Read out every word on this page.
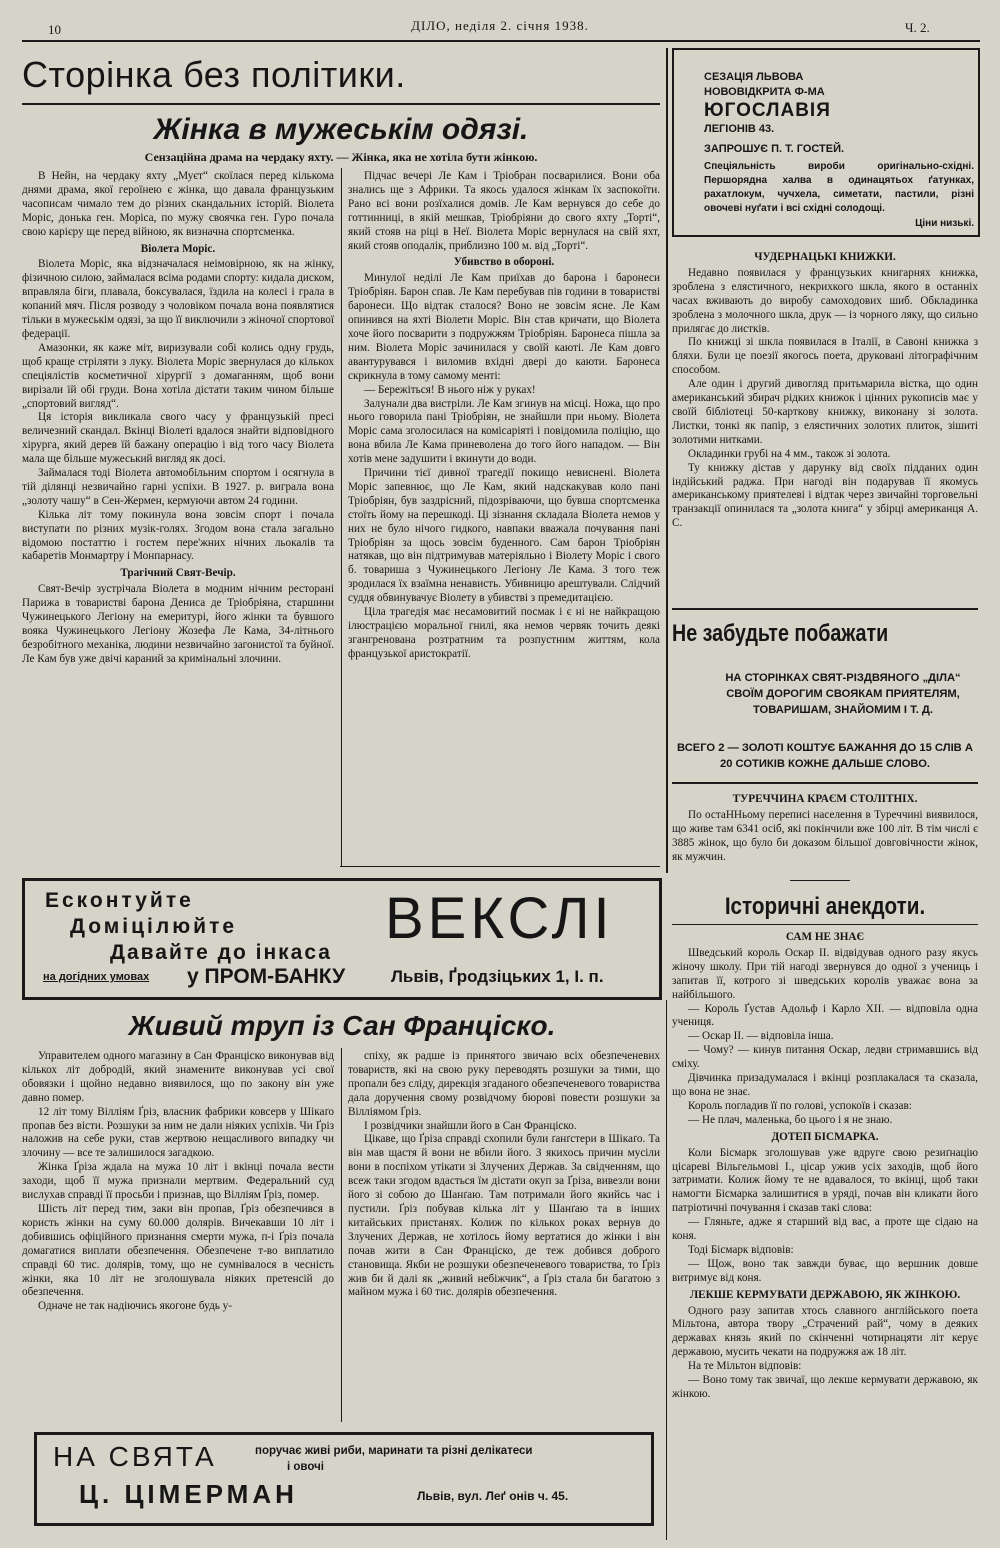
10	ДІЛО, неділя 2. січня 1938.	Ч. 2.
Сторінка без політики.
Жінка в мужеськім одязі.
Сензаційна драма на чердаку яхту. — Жінка, яка не хотіла бути жінкою.

В Нейн, на чердаку яхту „Муєт“ скоїлася перед кількома днями драма, якої героїнею є жінка, що давала французьким часописам чимало тем до різних скандальних історій. Віолета Моріс, донька ген. Моріса, по мужу своячка ген. Гуро почала свою карієру ще перед війною, як визначна спортсменка.

Віолета Моріс.

Віолета Моріс, яка відзначалася неімовірною, як на жінку, фізичною силою, займалася всіма родами спорту: кидала диском, вправляла біги, плавала, боксувалася, їздила на колесі і грала в копаний мяч. Після розводу з чоловіком почала вона появлятися тільки в мужеськім одязі, за що її виключили з жіночої спортової федерації.

Амазонки, як каже міт, виризували собі колись одну грудь, щоб краще стріляти з луку. Віолета Моріс звернулася до кількох спеціялістів косметичної хірургії з домаганням, щоб вони вирізали їй обі груди. Вона хотіла дістати таким чином більше „спортовий вигляд“.

Ця історія викликала свого часу у французькій пресі величезний скандал. Вкінці Віолеті вдалося знайти відповідного хірурга, який дерев їй бажану операцію і від того часу Віолета мала ще більше мужеський вигляд як досі.

Займалася тоді Віолета автомобільним спортом і осягнула в тій ділянці незвичайно гарні успіхи. В 1927. р. виграла вона „золоту чашу“ в Сен-Жермен, кермуючи автом 24 години.

Кілька літ тому покинула вона зовсім спорт і почала виступати по різних музік-голях. Згодом вона стала загально відомою постаттю і гостем пере'жних нічних льокалів та кабаретів Монмартру і Монпарнасу.

Трагічний Свят-Вечір.

Свят-Вечір зустрічала Віолета в модним нічним ресторані Парижа в товаристві барона Дениса де Тріобріяна, старшини Чужинецького Легіону на емеритурі, його жінки та бувшого вояка Чужинецького Легіону Жозефа Ле Кама, 34-літнього безробітного механіка, людини незвичайно загонистої та буйної. Ле Кам був уже двічі караний за кримінальні злочини.

Підчас вечері Ле Кам і Тріобран посварилися. Вони оба знались ще з Африки. Та якось удалося жінкам їх заспокоїти. Рано всі вони розїхалися домів. Ле Кам вернувся до себе до готтинниці, в якій мешкав, Тріобріяни до свого яхту „Торті“, який стояв на ріці в Неї. Віолета Моріс вернулася на свій яхт, який стояв оподалік, приблизно 100 м. від „Торті“.

Убивство в обороні.

Минулої неділі Ле Кам приїхав до барона і баронеси Тріобріян. Барон спав. Ле Кам перебував пів години в товаристві баронеси. Що відтак сталося? Воно не зовсім ясне. Ле Кам опинився на яхті Віолети Моріс. Він став кричати, що Віолета хоче його посварити з подружжям Тріобріян. Баронеса пішла за ним. Віолета Моріс зачинилася у своїй каюті. Ле Кам довго авантурувався і виломив вхідні двері до каюти. Баронеса скрикнула в тому самому менті:

— Бережіться! В нього ніж у руках!

Залунали два вистріли. Ле Кам згинув на місці. Ножа, що про нього говорила пані Тріобріян, не знайшли при ньому. Віолета Моріс сама зголосилася на комісаріяті і повідомила поліцію, що вона вбила Ле Кама приневолена до того його нападом. — Він хотів мене задушити і вкинути до води.

Причини тієї дивної трагедії покищо невиснені. Віолета Моріс запевнює, що Ле Кам, який надскакував коло пані Тріобріян, був заздрісний, підозріваючи, що бувша спортсменка стоїть йому на перешкоді. Ці зізнання складала Віолета немов у них не було нічого гидкого, навпаки вважала почування пані Тріобріян за щось зовсім буденного. Сам барон Тріобріян натякав, що він підтримував матеріяльно і Віолету Моріс і свого б. товариша з Чужинецького Легіону Ле Кама. З того теж зродилася їх взаїмна ненависть. Убивницю арештували. Слідчий суддя обвинувачує Віолету в убивстві з премедитацією.

Ціла трагедія має несамовитий посмак і є ні не найкращою ілюстрацією моральної гнилі, яка немов червяк точить деякі згангренована розтратним та розпустним життям, кола французької аристократії.

СЕЗАЦІЯ ЛЬВОВА
НОВОВІДКРИТА Ф-МА
ЮГОСЛАВІЯ
ЛЕГІОНІВ 43.
ЗАПРОШУЄ П. Т. ГОСТЕЙ.
Спеціяльність вироби оригінально-східні. Першорядна халва в одинацятьох ґатунках, рахатлокум, чучхела, симетати, пастили, різні овочеві нуґати і всі східні солодощі.
Ціни низькі.

ЧУДЕРНАЦЬКІ КНИЖКИ.

Недавно появилася у французьких книгарнях книжка, зроблена з елястичного, некрихкого шкла, якого в останніх часах вживають до виробу самоходових шиб. Обкладинка зроблена з молочного шкла, друк — із чорного ляку, що сильно прилягає до листків.

По книжці зі шкла появилася в Італії, в Савоні книжка з бляхи. Були це поезії якогось поета, друковані літографічним способом.

Але один і другий дивогляд притьмарила вістка, що один американський збирач рідких книжок і цінних рукописів має у своїй бібліотеці 50-карткову книжку, виконану зі золота. Листки, тонкі як папір, з елястичних золотих плиток, зішиті золотими нитками.

Окладинки грубі на 4 мм., також зі золота.

Ту книжку дістав у дарунку від своїх підданих один індійський раджа. При нагоді він подарував її якомусь американському приятелеві і відтак через звичайні торговельні транзакції опинилася та „золота книга“ у збірці американця А. С.

Не забудьте побажати
НА СТОРІНКАХ СВЯТ-РІЗДВЯНОГО „ДІЛА“ СВОЇМ ДОРОГИМ СВОЯКАМ ПРИЯТЕЛЯМ, ТОВАРИШАМ, ЗНАЙОМИМ І Т. Д.
ВСЕГО 2 — ЗОЛОТІ КОШТУЄ БАЖАННЯ ДО 15 СЛІВ А 20 СОТИКІВ КОЖНЕ ДАЛЬШЕ СЛОВО.

ТУРЕЧЧИНА КРАЄМ СТОЛІТНІХ.

По остаННьому переписі населення в Туреччині виявилося, що живе там 6341 осіб, які покінчили вже 100 літ. В тім числі є 3885 жінок, що було би доказом більшої довговічности жінок, як мужчин.

Історичні анекдоти.

САМ НЕ ЗНАЄ

Шведський король Оскар II. відвідував одного разу якусь жіночу школу. При тій нагоді звернувся до одної з учениць і запитав її, котрого зі шведських королів уважає вона за найбільшого.

— Король Ґустав Адольф і Карло XII. — відповіла одна учениця.

— Оскар II. — відповіла інша.

— Чому? — кинув питання Оскар, ледви стримавшись від сміху.

Дівчинка призадумалася і вкінці розплакалася та сказала, що вона не знає.

Король погладив її по голові, успокоїв і сказав:

— Не плач, маленька, бо цього і я не знаю.

ДОТЕП БІСМАРКА.

Коли Бісмарк зголошував уже вдруге свою резиґнацію цісареві Вільгельмові I., цісар ужив усіх заходів, щоб його затримати. Колиж йому те не вдавалося, то вкінці, щоб таки намогти Бісмарка залишитися в уряді, почав він кликати його патріотичні почування і сказав такі слова:

— Гляньте, адже я старший від вас, а проте ще сідаю на коня.

Тоді Бісмарк відповів:

— Щож, воно так завжди буває, що вершник довше витримує від коня.

ЛЕКШЕ КЕРМУВАТИ ДЕРЖАВОЮ, ЯК ЖІНКОЮ.

Одного разу запитав хтось славного англійського поета Мільтона, автора твору „Страчений рай“, чому в деяких державах князь який по скінченні чотирнацяти літ керує державою, мусить чекати на подружжя аж 18 літ.

На те Мільтон відповів:

— Воно тому так звичаї, що лекше кермувати державою, як жінкою.

Есконтуйте
Доміцілюйте
Давайте до інкаса
ВЕКСЛІ
на догідних умовах у ПРОМ-БАНКУ	Львів, Ґродзіцьких 1, І. п.
Живий труп із Сан Франціско.

Управителем одного магазину в Сан Франціско виконував від кількох літ добродій, який знамените виконував усі свої обовязки і щойно недавно виявилося, що по закону він уже давно помер.

12 літ тому Вілліям Ґріз, власник фабрики ковсерв у Шікаґо пропав без вісти. Розшуки за ним не дали ніяких успіхів. Чи Ґріз наложив на себе руки, став жертвою нещасливого випадку чи злочину — все те залишилося загадкою.

Жінка Ґріза ждала на мужа 10 літ і вкінці почала вести заходи, щоб її мужа признали мертвим. Федеральний суд вислухав справді її просьби і признав, що Вілліям Ґріз, помер.

Шість літ перед тим, заки він пропав, Ґріз обезпечився в користь жінки на суму 60.000 долярів. Вичекавши 10 літ і добившись офіційного признання смерти мужа, п-і Ґріз почала домагатися виплати обезпечення. Обезпечене т-во виплатило справді 60 тис. долярів, тому, що не сумнівалося в чесність жінки, яка 10 літ не зголошувала ніяких претенсій до обезпечення.

Одначе не так надіючись якогоне будь у-

спіху, як радше із принятого звичаю всіх обезпеченевих товариств, які на свою руку переводять розшуки за тими, що пропали без сліду, дирекція згаданого обезпеченевого товариства дала доручення свому розвідчому бюрові повести розшуки за Вілліямом Ґріз.

І розвідчики знайшли його в Сан Франціско.

Цікаве, що Ґріза справді схопили були ґанґстери в Шікаґо. Та він мав щастя й вони не вбили його. З якихось причин мусіли вони в поспіхом утікати зі Злучених Держав. За свідченням, що всеж таки згодом вдасться їм дістати окуп за Ґріза, вивезли вони його зі собою до Шанґаю. Там потримали його якийсь час і пустили. Ґріз побував кілька літ у Шанґаю та в інших китайських пристанях. Колиж по кількох роках вернув до Злучених Держав, не хотілось йому вертатися до жінки і він почав жити в Сан Франціско, де теж добився доброго становища. Якби не розшуки обезпеченевого товариства, то Ґріз жив би й далі як „живий небіжчик“, а Ґріз стала би багатою з майном мужа і 60 тис. долярів обезпечення.

НА СВЯТА	поручає живі риби, маринати та різні делікатеси
і овочі
Ц. ЦІМЕРМАН	Львів, вул. Леґ онів ч. 45.
